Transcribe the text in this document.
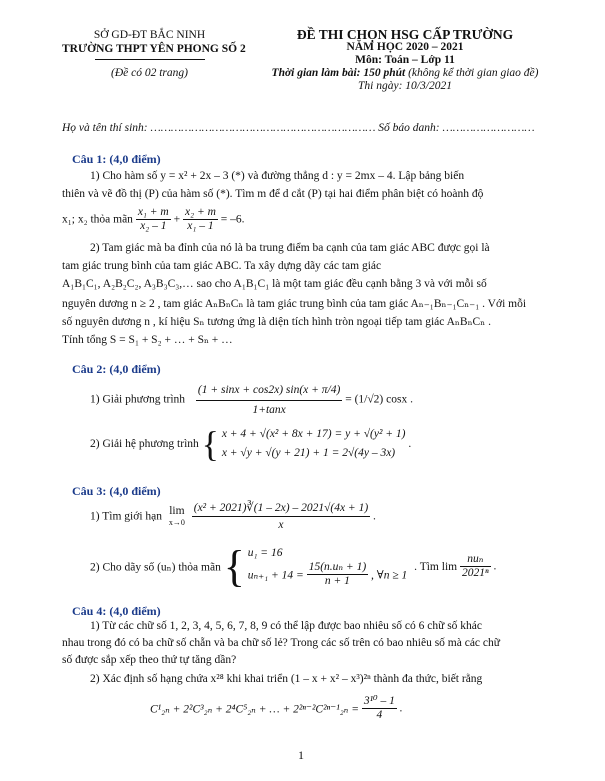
SỞ GD-ĐT BẮC NINH
TRƯỜNG THPT YÊN PHONG SỐ 2
(Đề có 02 trang)
ĐỀ THI CHỌN HSG CẤP TRƯỜNG
NĂM HỌC 2020 – 2021
Môn: Toán – Lớp 11
Thời gian làm bài: 150 phút (không kể thời gian giao đề)
Thi ngày: 10/3/2021
Họ và tên thí sinh: ………………………………………………………… Số báo danh: ………………………
Câu 1: (4,0 điểm)
1) Cho hàm số y = x² + 2x – 3 (*) và đường thẳng d : y = 2mx – 4. Lập bảng biến
thiên và vẽ đồ thị (P) của hàm số (*). Tìm m để d cắt (P) tại hai điểm phân biệt có hoành độ
x₁; x₂ thỏa mãn $\frac{\text{x₁ + m}}{\text{x₂ – 1}} + \frac{\text{x₂ + m}}{\text{x₁ – 1}} = -6$.
2) Tam giác mà ba đỉnh của nó là ba trung điểm ba cạnh của tam giác ABC được gọi là
tam giác trung bình của tam giác ABC. Ta xây dựng dãy các tam giác
A₁B₁C₁, A₂B₂C₂, A₃B₃C₃,… sao cho A₁B₁C₁ là một tam giác đều cạnh bằng 3 và với mỗi số
nguyên dương n ≥ 2 , tam giác AₙBₙCₙ là tam giác trung bình của tam giác Aₙ₋₁Bₙ₋₁Cₙ₋₁ . Với mỗi
số nguyên dương n , kí hiệu Sₙ tương ứng là diện tích hình tròn ngoại tiếp tam giác AₙBₙCₙ .
Tính tổng S = S₁ + S₂ + … + Sₙ + …
Câu 2: (4,0 điểm)
1) Giải phương trình $\frac{(1 + \sin x + \cos 2x) \sin(x + \pi/4)}{1+\tan x} = (1/√2)$ cosx .
2) Giải hệ phương trình { x + 4 + √(x² + 8x + 17) = y + √(y² + 1)
x + √y + √(y + 21) + 1 = 2√(4y – 3x)
.
Câu 3: (4,0 điểm)
1) Tìm giới hạn lim
x→0
$\frac{\text{(x² + 2021)∛(1 – 2x) – 2021√(4x + 1)}}{x}$ .
2) Cho dãy số (uₙ) thỏa mãn { u₁ = 16
$u_{n+1} + 14 = \frac{\text{15(n.uₙ + 1)}}{n + 1}$ , ∀n ≥ 1
. Tìm $\lim \frac{\text{nuₙ}}{\text{2021ⁿ}}$ .
Câu 4: (4,0 điểm)
1) Từ các chữ số 1, 2, 3, 4, 5, 6, 7, 8, 9 có thể lập được bao nhiêu số có 6 chữ số khác
nhau trong đó có ba chữ số chẵn và ba chữ số lẻ? Trong các số trên có bao nhiêu số mà các chữ
số được sắp xếp theo thứ tự tăng dần?
2) Xác định số hạng chứa x²⁸ khi khai triển (1 – x + x² – x³)²ⁿ thành đa thức, biết rằng
C¹₂ₙ + 2²C³₂ₙ + 2⁴C⁵₂ₙ + … + $2^{2n-2}C^{2n-1}_{2n} = \frac{\text{3¹⁰ – 1}}{4}$ .
1
